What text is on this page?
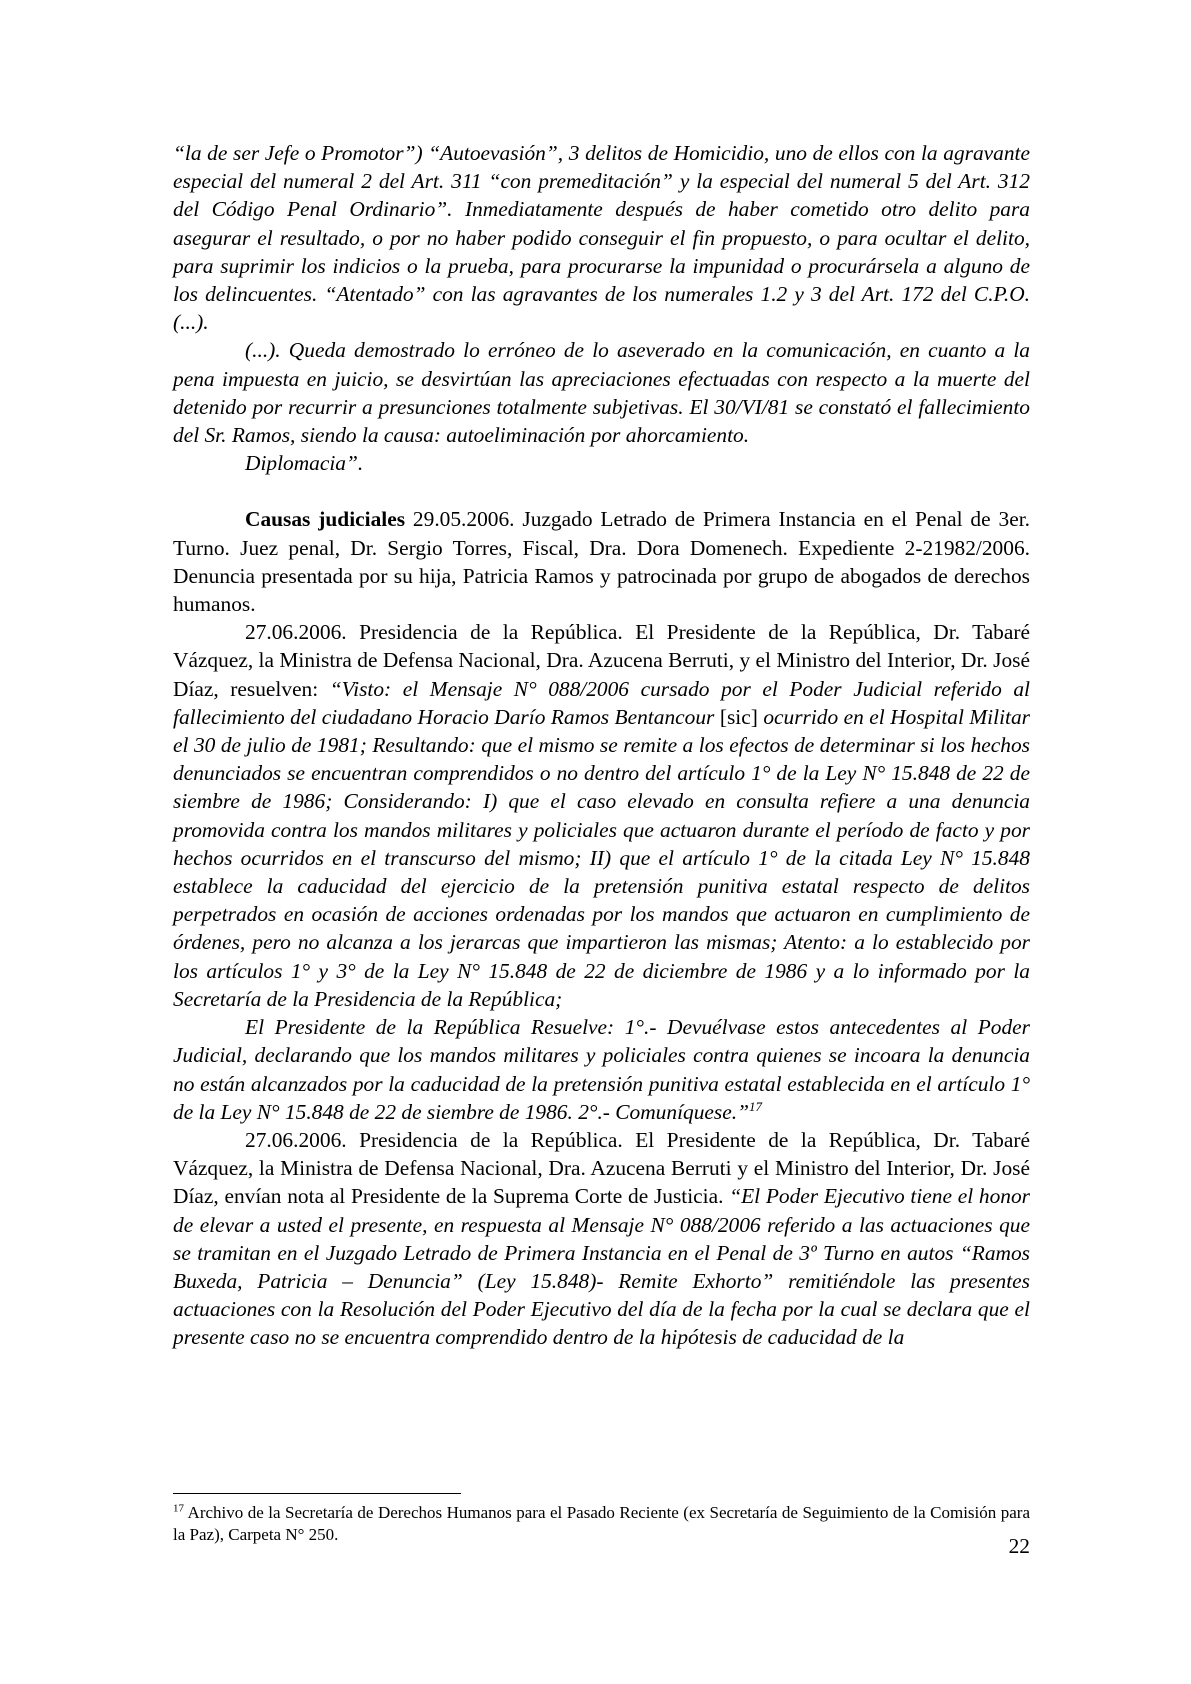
“la de ser Jefe o Promotor”) “Autoevasión”, 3 delitos de Homicidio, uno de ellos con la agravante especial del numeral 2 del Art. 311 “con premeditación” y la especial del numeral 5 del Art. 312 del Código Penal Ordinario”. Inmediatamente después de haber cometido otro delito para asegurar el resultado, o por no haber podido conseguir el fin propuesto, o para ocultar el delito, para suprimir los indicios o la prueba, para procurarse la impunidad o procurársela a alguno de los delincuentes. “Atentado” con las agravantes de los numerales 1.2 y 3 del Art. 172 del C.P.O. (...).

(...). Queda demostrado lo erróneo de lo aseverado en la comunicación, en cuanto a la pena impuesta en juicio, se desvirtúan las apreciaciones efectuadas con respecto a la muerte del detenido por recurrir a presunciones totalmente subjetivas. El 30/VI/81 se constató el fallecimiento del Sr. Ramos, siendo la causa: autoeliminación por ahorcamiento.

Diplomacia”.

Causas judiciales 29.05.2006. Juzgado Letrado de Primera Instancia en el Penal de 3er. Turno. Juez penal, Dr. Sergio Torres, Fiscal, Dra. Dora Domenech. Expediente 2-21982/2006. Denuncia presentada por su hija, Patricia Ramos y patrocinada por grupo de abogados de derechos humanos.

27.06.2006. Presidencia de la República. El Presidente de la República, Dr. Tabaré Vázquez, la Ministra de Defensa Nacional, Dra. Azucena Berruti, y el Ministro del Interior, Dr. José Díaz, resuelven: “Visto: el Mensaje N° 088/2006 cursado por el Poder Judicial referido al fallecimiento del ciudadano Horacio Darío Ramos Bentancour [sic] ocurrido en el Hospital Militar el 30 de julio de 1981; Resultando: que el mismo se remite a los efectos de determinar si los hechos denunciados se encuentran comprendidos o no dentro del artículo 1° de la Ley N° 15.848 de 22 de siembre de 1986; Considerando: I) que el caso elevado en consulta refiere a una denuncia promovida contra los mandos militares y policiales que actuaron durante el período de facto y por hechos ocurridos en el transcurso del mismo; II) que el artículo 1° de la citada Ley N° 15.848 establece la caducidad del ejercicio de la pretensión punitiva estatal respecto de delitos perpetrados en ocasión de acciones ordenadas por los mandos que actuaron en cumplimiento de órdenes, pero no alcanza a los jerarcas que impartieron las mismas; Atento: a lo establecido por los artículos 1° y 3° de la Ley N° 15.848 de 22 de diciembre de 1986 y a lo informado por la Secretaría de la Presidencia de la República;

El Presidente de la República Resuelve: 1°.- Devuélvase estos antecedentes al Poder Judicial, declarando que los mandos militares y policiales contra quienes se incoara la denuncia no están alcanzados por la caducidad de la pretensión punitiva estatal establecida en el artículo 1° de la Ley N° 15.848 de 22 de siembre de 1986. 2°.- Comuníquese.”$^{17}$

27.06.2006. Presidencia de la República. El Presidente de la República, Dr. Tabaré Vázquez, la Ministra de Defensa Nacional, Dra. Azucena Berruti y el Ministro del Interior, Dr. José Díaz, envían nota al Presidente de la Suprema Corte de Justicia. “El Poder Ejecutivo tiene el honor de elevar a usted el presente, en respuesta al Mensaje N° 088/2006 referido a las actuaciones que se tramitan en el Juzgado Letrado de Primera Instancia en el Penal de 3º Turno en autos “Ramos Buxeda, Patricia – Denuncia” (Ley 15.848)- Remite Exhorto” remitiéndole las presentes actuaciones con la Resolución del Poder Ejecutivo del día de la fecha por la cual se declara que el presente caso no se encuentra comprendido dentro de la hipótesis de caducidad de la

$^{17}$ Archivo de la Secretaría de Derechos Humanos para el Pasado Reciente (ex Secretaría de Seguimiento de la Comisión para la Paz), Carpeta N° 250.	22
